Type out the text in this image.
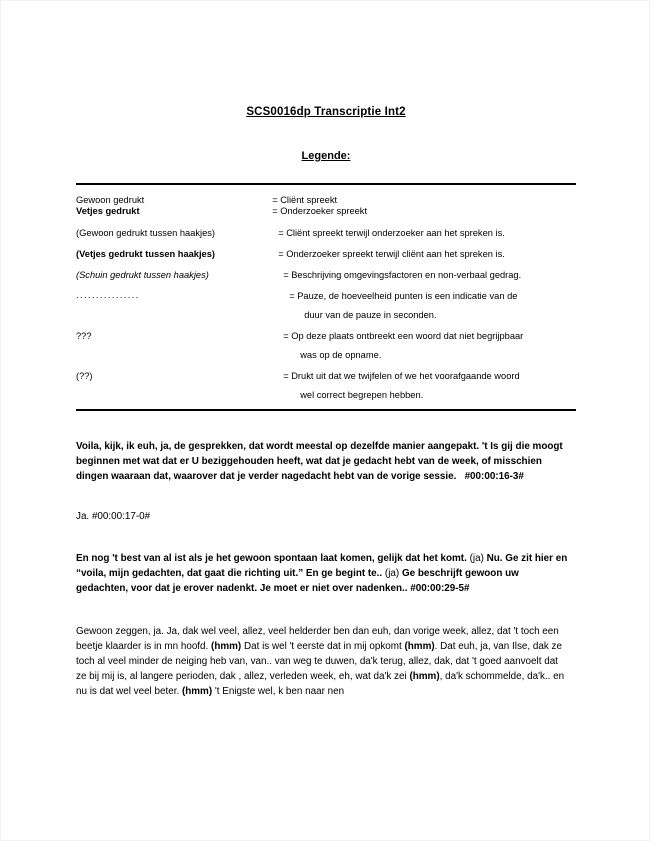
SCS0016dp Transcriptie Int2
Legende:
Gewoon gedrukt	= Cliënt spreekt

Vetjes gedrukt	= Onderzoeker spreekt

(Gewoon gedrukt tussen haakjes)	= Cliënt spreekt terwijl onderzoeker aan het spreken is.

(Vetjes gedrukt tussen haakjes)	= Onderzoeker spreekt terwijl cliënt aan het spreken is.

(Schuin gedrukt tussen haakjes)	= Beschrijving omgevingsfactoren en non-verbaal gedrag.

................	= Pauze, de hoeveelheid punten is een indicatie van de
duur van de pauze in seconden.

???	= Op deze plaats ontbreekt een woord dat niet begrijpbaar
was op de opname.

(??)	= Drukt uit dat we twijfelen of we het voorafgaande woord
wel correct begrepen hebben.

Voila, kijk, ik euh, ja, de gesprekken, dat wordt meestal op dezelfde manier aangepakt. 't Is gij die moogt beginnen met wat dat er U beziggehouden heeft, wat dat je gedacht hebt van de week, of misschien dingen waaraan dat, waarover dat je verder nagedacht hebt van de vorige sessie. #00:00:16-3#

Ja. #00:00:17-0#

En nog 't best van al ist als je het gewoon spontaan laat komen, gelijk dat het komt. (ja) Nu. Ge zit hier en “voila, mijn gedachten, dat gaat die richting uit.” En ge begint te.. (ja) Ge beschrijft gewoon uw gedachten, voor dat je erover nadenkt. Je moet er niet over nadenken.. #00:00:29-5#

Gewoon zeggen, ja. Ja, dak wel veel, allez, veel helderder ben dan euh, dan vorige week, allez, dat 't toch een beetje klaarder is in mn hoofd. (hmm) Dat is wel 't eerste dat in mij opkomt (hmm). Dat euh, ja, van Ilse, dak ze toch al veel minder de neiging heb van, van.. van weg te duwen, da'k terug, allez, dak, dat 't goed aanvoelt dat ze bij mij is, al langere perioden, dak , allez, verleden week, eh, wat da'k zei (hmm), da'k schommelde, da'k.. en nu is dat wel veel beter. (hmm) 't Enigste wel, k ben naar nen
